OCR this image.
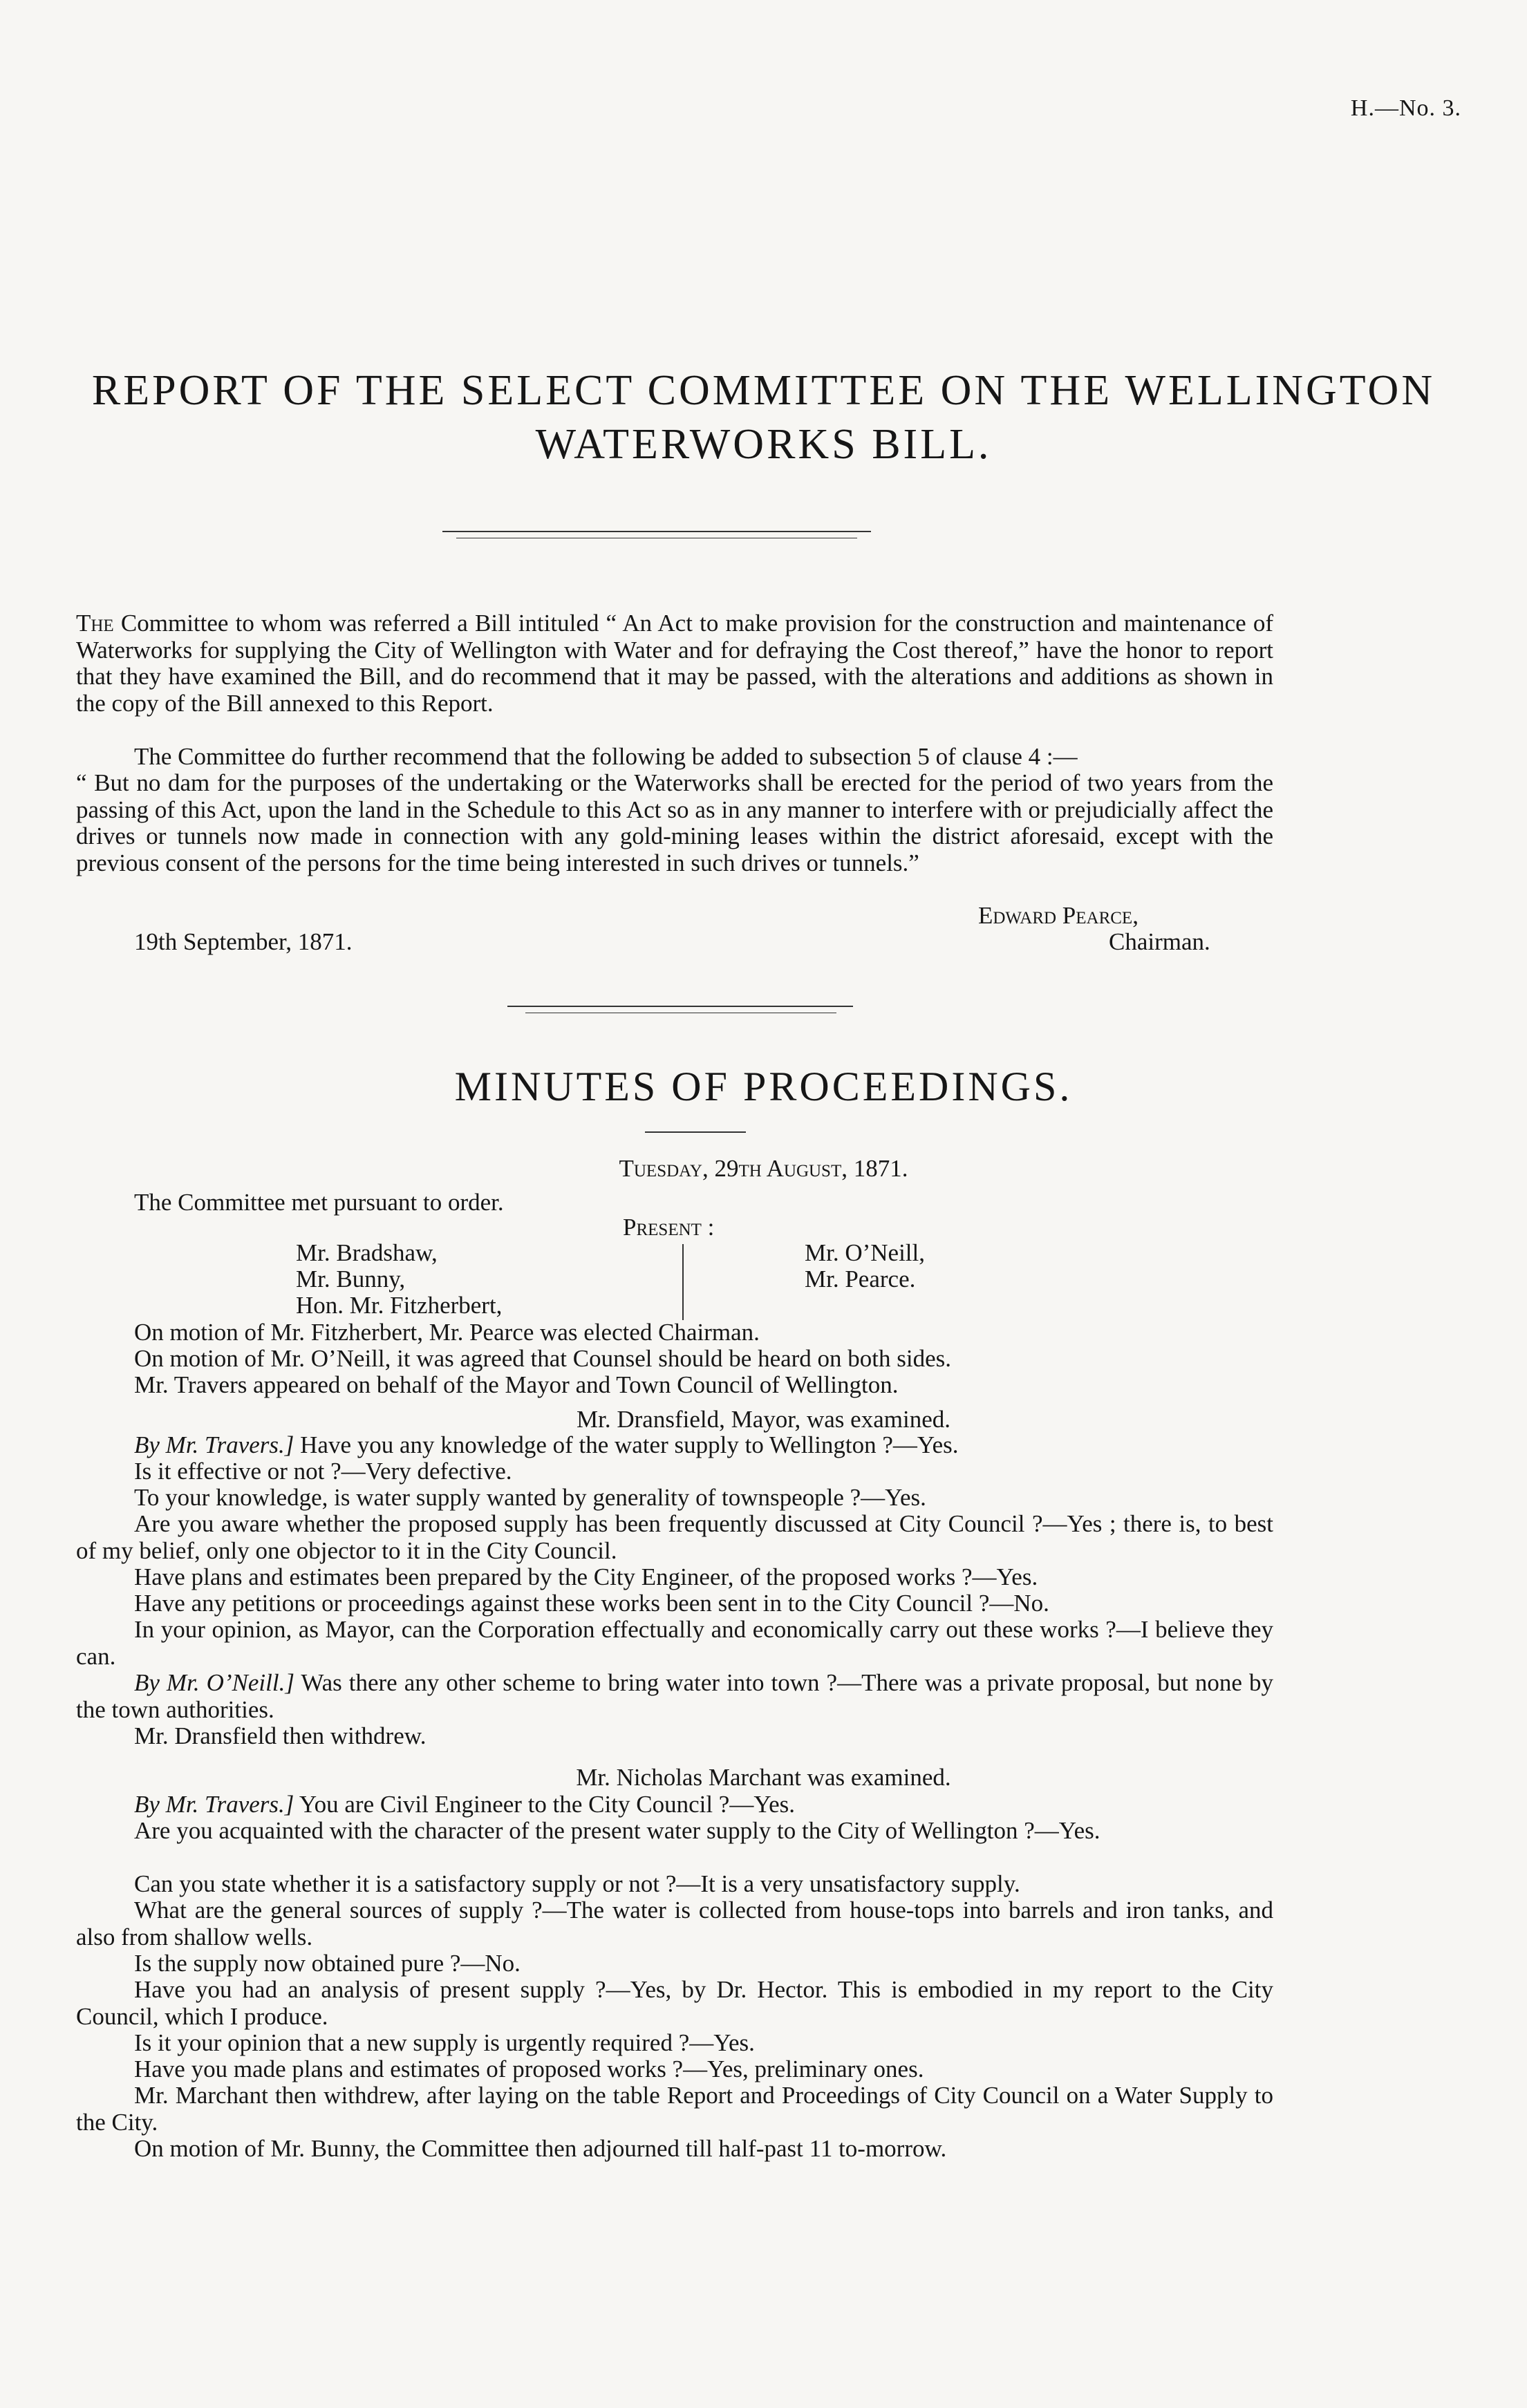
H.—No. 3.
REPORT OF THE SELECT COMMITTEE ON THE WELLINGTON
WATERWORKS BILL.

The Committee to whom was referred a Bill intituled “ An Act to make provision for the construction and maintenance of Waterworks for supplying the City of Wellington with Water and for defraying the Cost thereof,” have the honor to report that they have examined the Bill, and do recommend that it may be passed, with the alterations and additions as shown in the copy of the Bill annexed to this Report.

The Committee do further recommend that the following be added to subsection 5 of clause 4 :—

“ But no dam for the purposes of the undertaking or the Waterworks shall be erected for the period of two years from the passing of this Act, upon the land in the Schedule to this Act so as in any manner to interfere with or prejudicially affect the drives or tunnels now made in connection with any gold-mining leases within the district aforesaid, except with the previous consent of the persons for the time being interested in such drives or tunnels.”

Edward Pearce,
19th September, 1871.	Chairman.
MINUTES OF PROCEEDINGS.
Tuesday, 29th August, 1871.
The Committee met pursuant to order.
Present :
Mr. Bradshaw,
Mr. Bunny,
Hon. Mr. Fitzherbert,
Mr. O’Neill,
Mr. Pearce.
On motion of Mr. Fitzherbert, Mr. Pearce was elected Chairman.
On motion of Mr. O’Neill, it was agreed that Counsel should be heard on both sides.
Mr. Travers appeared on behalf of the Mayor and Town Council of Wellington.
Mr. Dransfield, Mayor, was examined.

By Mr. Travers.] Have you any knowledge of the water supply to Wellington ?—Yes.

Is it effective or not ?—Very defective.

To your knowledge, is water supply wanted by generality of townspeople ?—Yes.

Are you aware whether the proposed supply has been frequently discussed at City Council ?—Yes ; there is, to best of my belief, only one objector to it in the City Council.

Have plans and estimates been prepared by the City Engineer, of the proposed works ?—Yes.

Have any petitions or proceedings against these works been sent in to the City Council ?—No.

In your opinion, as Mayor, can the Corporation effectually and economically carry out these works ?—I believe they can.

By Mr. O’Neill.] Was there any other scheme to bring water into town ?—There was a private proposal, but none by the town authorities.

Mr. Dransfield then withdrew.

Mr. Nicholas Marchant was examined.

By Mr. Travers.] You are Civil Engineer to the City Council ?—Yes.

Are you acquainted with the character of the present water supply to the City of Wellington ?—Yes.

Can you state whether it is a satisfactory supply or not ?—It is a very unsatisfactory supply.

What are the general sources of supply ?—The water is collected from house-tops into barrels and iron tanks, and also from shallow wells.

Is the supply now obtained pure ?—No.

Have you had an analysis of present supply ?—Yes, by Dr. Hector. This is embodied in my report to the City Council, which I produce.

Is it your opinion that a new supply is urgently required ?—Yes.

Have you made plans and estimates of proposed works ?—Yes, preliminary ones.

Mr. Marchant then withdrew, after laying on the table Report and Proceedings of City Council on a Water Supply to the City.

On motion of Mr. Bunny, the Committee then adjourned till half-past 11 to-morrow.
